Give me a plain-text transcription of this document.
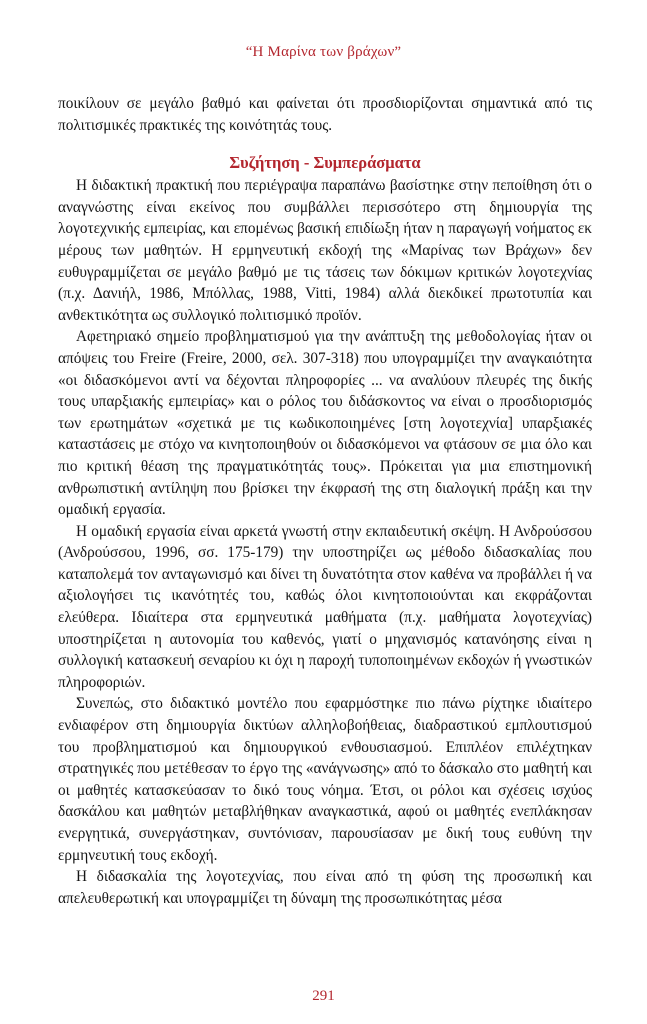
“Η Μαρίνα των βράχων”

ποικίλουν σε μεγάλο βαθμό και φαίνεται ότι προσδιορίζονται σημαντικά από τις πολιτισμικές πρακτικές της κοινότητάς τους.

Συζήτηση - Συμπεράσματα

Η διδακτική πρακτική που περιέγραψα παραπάνω βασίστηκε στην πεποίθηση ότι ο αναγνώστης είναι εκείνος που συμβάλλει περισσότερο στη δημιουργία της λογοτεχνικής εμπειρίας, και επομένως βασική επιδίωξη ήταν η παραγωγή νοήματος εκ μέρους των μαθητών. Η ερμηνευτική εκδοχή της «Μαρίνας των Βράχων» δεν ευθυγραμμίζεται σε μεγάλο βαθμό με τις τάσεις των δόκιμων κριτικών λογοτεχνίας (π.χ. Δανιήλ, 1986, Μπόλλας, 1988, Vitti, 1984) αλλά διεκδικεί πρωτοτυπία και ανθεκτικότητα ως συλλογικό πολιτισμικό προϊόν.

Αφετηριακό σημείο προβληματισμού για την ανάπτυξη της μεθοδολογίας ήταν οι απόψεις του Freire (Freire, 2000, σελ. 307-318) που υπογραμμίζει την αναγκαιότητα «οι διδασκόμενοι αντί να δέχονται πληροφορίες ... να αναλύουν πλευρές της δικής τους υπαρξιακής εμπειρίας» και ο ρόλος του διδάσκοντος να είναι ο προσδιορισμός των ερωτημάτων «σχετικά με τις κωδικοποιημένες [στη λογοτεχνία] υπαρξιακές καταστάσεις με στόχο να κινητοποιηθούν οι διδασκόμενοι να φτάσουν σε μια όλο και πιο κριτική θέαση της πραγματικότητάς τους». Πρόκειται για μια επιστημονική ανθρωπιστική αντίληψη που βρίσκει την έκφρασή της στη διαλογική πράξη και την ομαδική εργασία.

Η ομαδική εργασία είναι αρκετά γνωστή στην εκπαιδευτική σκέψη. Η Ανδρούσσου (Ανδρούσσου, 1996, σσ. 175-179) την υποστηρίζει ως μέθοδο διδασκαλίας που καταπολεμά τον ανταγωνισμό και δίνει τη δυνατότητα στον καθένα να προβάλλει ή να αξιολογήσει τις ικανότητές του, καθώς όλοι κινητοποιούνται και εκφράζονται ελεύθερα. Ιδιαίτερα στα ερμηνευτικά μαθήματα (π.χ. μαθήματα λογοτεχνίας) υποστηρίζεται η αυτονομία του καθενός, γιατί ο μηχανισμός κατανόησης είναι η συλλογική κατασκευή σεναρίου κι όχι η παροχή τυποποιημένων εκδοχών ή γνωστικών πληροφοριών.

Συνεπώς, στο διδακτικό μοντέλο που εφαρμόστηκε πιο πάνω ρίχτηκε ιδιαίτερο ενδιαφέρον στη δημιουργία δικτύων αλληλοβοήθειας, διαδραστικού εμπλουτισμού του προβληματισμού και δημιουργικού ενθουσιασμού. Επιπλέον επιλέχτηκαν στρατηγικές που μετέθεσαν το έργο της «ανάγνωσης» από το δάσκαλο στο μαθητή και οι μαθητές κατασκεύασαν το δικό τους νόημα. Έτσι, οι ρόλοι και σχέσεις ισχύος δασκάλου και μαθητών μεταβλήθηκαν αναγκαστικά, αφού οι μαθητές ενεπλάκησαν ενεργητικά, συνεργάστηκαν, συντόνισαν, παρουσίασαν με δική τους ευθύνη την ερμηνευτική τους εκδοχή.

Η διδασκαλία της λογοτεχνίας, που είναι από τη φύση της προσωπική και απελευθερωτική και υπογραμμίζει τη δύναμη της προσωπικότητας μέσα

291
